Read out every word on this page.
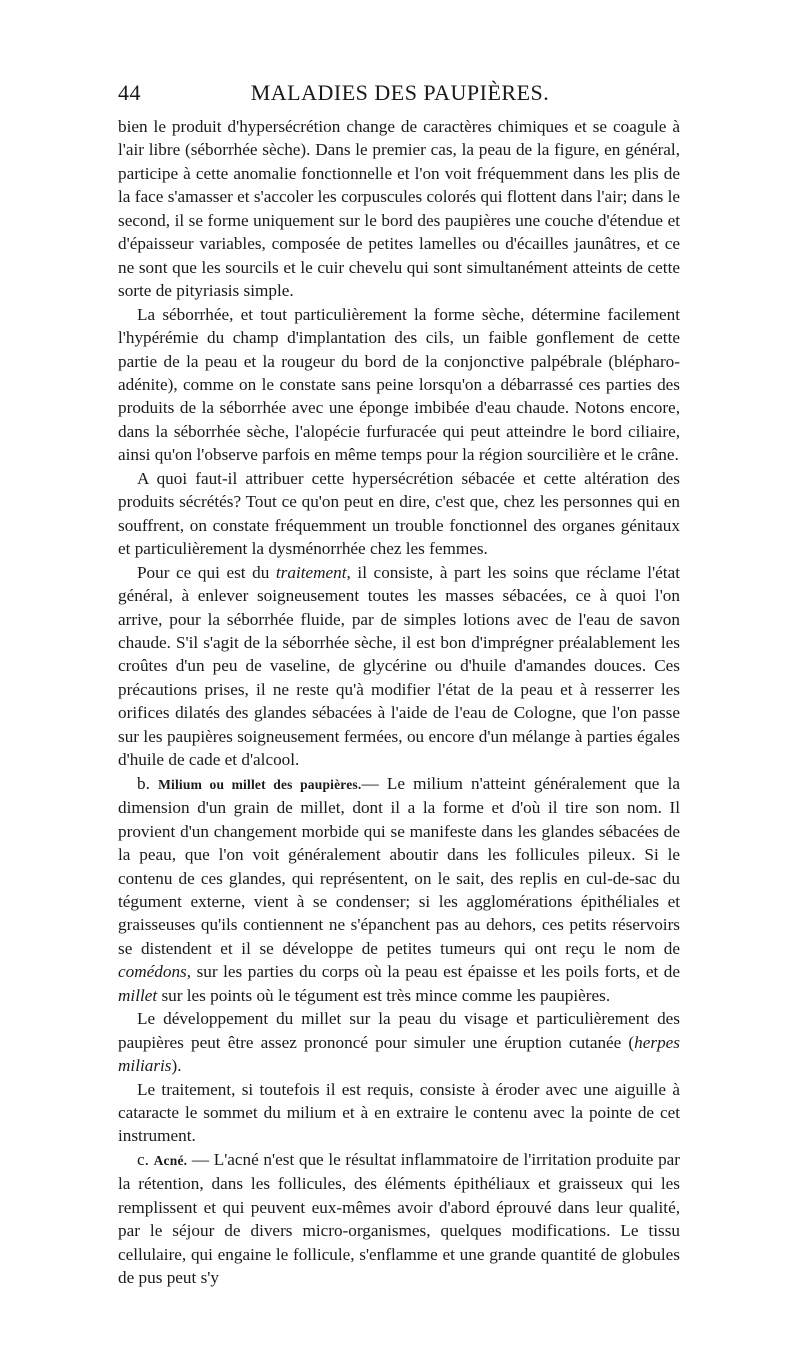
44	MALADIES DES PAUPIÈRES.

bien le produit d'hypersécrétion change de caractères chimiques et se coagule à l'air libre (séborrhée sèche). Dans le premier cas, la peau de la figure, en général, participe à cette anomalie fonctionnelle et l'on voit fréquemment dans les plis de la face s'amasser et s'accoler les corpuscules colorés qui flottent dans l'air; dans le second, il se forme uniquement sur le bord des paupières une couche d'étendue et d'épaisseur variables, composée de petites lamelles ou d'écailles jaunâtres, et ce ne sont que les sourcils et le cuir chevelu qui sont simultanément atteints de cette sorte de pityriasis simple.

La séborrhée, et tout particulièrement la forme sèche, détermine facilement l'hypérémie du champ d'implantation des cils, un faible gonflement de cette partie de la peau et la rougeur du bord de la conjonctive palpébrale (blépharo-adénite), comme on le constate sans peine lorsqu'on a débarrassé ces parties des produits de la séborrhée avec une éponge imbibée d'eau chaude. Notons encore, dans la séborrhée sèche, l'alopécie furfuracée qui peut atteindre le bord ciliaire, ainsi qu'on l'observe parfois en même temps pour la région sourcilière et le crâne.

A quoi faut-il attribuer cette hypersécrétion sébacée et cette altération des produits sécrétés? Tout ce qu'on peut en dire, c'est que, chez les personnes qui en souffrent, on constate fréquemment un trouble fonctionnel des organes génitaux et particulièrement la dysménorrhée chez les femmes.

Pour ce qui est du traitement, il consiste, à part les soins que réclame l'état général, à enlever soigneusement toutes les masses sébacées, ce à quoi l'on arrive, pour la séborrhée fluide, par de simples lotions avec de l'eau de savon chaude. S'il s'agit de la séborrhée sèche, il est bon d'imprégner préalablement les croûtes d'un peu de vaseline, de glycérine ou d'huile d'amandes douces. Ces précautions prises, il ne reste qu'à modifier l'état de la peau et à resserrer les orifices dilatés des glandes sébacées à l'aide de l'eau de Cologne, que l'on passe sur les paupières soigneusement fermées, ou encore d'un mélange à parties égales d'huile de cade et d'alcool.

b. Milium ou millet des paupières.— Le milium n'atteint généralement que la dimension d'un grain de millet, dont il a la forme et d'où il tire son nom. Il provient d'un changement morbide qui se manifeste dans les glandes sébacées de la peau, que l'on voit généralement aboutir dans les follicules pileux. Si le contenu de ces glandes, qui représentent, on le sait, des replis en cul-de-sac du tégument externe, vient à se condenser; si les agglomérations épithéliales et graisseuses qu'ils contiennent ne s'épanchent pas au dehors, ces petits réservoirs se distendent et il se développe de petites tumeurs qui ont reçu le nom de comédons, sur les parties du corps où la peau est épaisse et les poils forts, et de millet sur les points où le tégument est très mince comme les paupières.

Le développement du millet sur la peau du visage et particulièrement des paupières peut être assez prononcé pour simuler une éruption cutanée (herpes miliaris).

Le traitement, si toutefois il est requis, consiste à éroder avec une aiguille à cataracte le sommet du milium et à en extraire le contenu avec la pointe de cet instrument.

c. Acné. — L'acné n'est que le résultat inflammatoire de l'irritation produite par la rétention, dans les follicules, des éléments épithéliaux et graisseux qui les remplissent et qui peuvent eux-mêmes avoir d'abord éprouvé dans leur qualité, par le séjour de divers micro-organismes, quelques modifications. Le tissu cellulaire, qui engaine le follicule, s'enflamme et une grande quantité de globules de pus peut s'y
